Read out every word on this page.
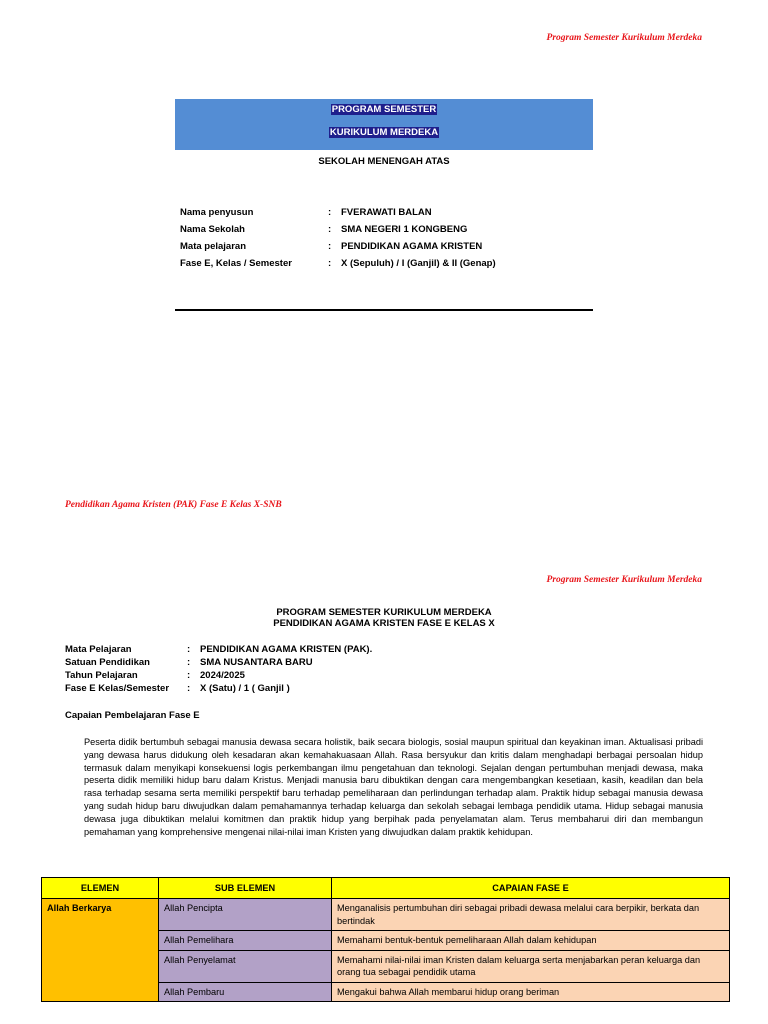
Program Semester Kurikulum Merdeka
PROGRAM SEMESTER
KURIKULUM MERDEKA
SEKOLAH MENENGAH ATAS
Nama penyusun	: FVERAWATI BALAN
Nama Sekolah	: SMA NEGERI 1 KONGBENG
Mata pelajaran	: PENDIDIKAN AGAMA KRISTEN
Fase E, Kelas / Semester	: X (Sepuluh) / I (Ganjil) & II (Genap)
Pendidikan Agama Kristen (PAK) Fase E Kelas X-SNB
Program Semester Kurikulum Merdeka
PROGRAM SEMESTER KURIKULUM MERDEKA
PENDIDIKAN AGAMA KRISTEN FASE E KELAS X
Mata Pelajaran	: PENDIDIKAN AGAMA KRISTEN (PAK).
Satuan Pendidikan	: SMA NUSANTARA BARU
Tahun Pelajaran	: 2024/2025
Fase E Kelas/Semester : X (Satu) / 1 ( Ganjil )
Capaian Pembelajaran Fase E

Peserta didik bertumbuh sebagai manusia dewasa secara holistik, baik secara biologis, sosial maupun spiritual dan keyakinan iman. Aktualisasi pribadi yang dewasa harus didukung oleh kesadaran akan kemahakuasaan Allah. Rasa bersyukur dan kritis dalam menghadapi berbagai persoalan hidup termasuk dalam menyikapi konsekuensi logis perkembangan ilmu pengetahuan dan teknologi. Sejalan dengan pertumbuhan menjadi dewasa, maka peserta didik memiliki hidup baru dalam Kristus. Menjadi manusia baru dibuktikan dengan cara mengembangkan kesetiaan, kasih, keadilan dan bela rasa terhadap sesama serta memiliki perspektif baru terhadap pemeliharaan dan perlindungan terhadap alam. Praktik hidup sebagai manusia dewasa yang sudah hidup baru diwujudkan dalam pemahamannya terhadap keluarga dan sekolah sebagai lembaga pendidik utama. Hidup sebagai manusia dewasa juga dibuktikan melalui komitmen dan praktik hidup yang berpihak pada penyelamatan alam. Terus membaharui diri dan membangun pemahaman yang komprehensive mengenai nilai-nilai iman Kristen yang diwujudkan dalam praktik kehidupan.

ELEMEN	SUB ELEMEN	CAPAIAN FASE E
Allah Berkarya	Allah Pencipta	Menganalisis pertumbuhan diri sebagai pribadi dewasa melalui cara berpikir, berkata dan bertindak
	Allah Pemelihara	Memahami bentuk-bentuk pemeliharaan Allah dalam kehidupan
	Allah Penyelamat	Memahami nilai-nilai iman Kristen dalam keluarga serta menjabarkan peran keluarga dan orang tua sebagai pendidik utama
	Allah Pembaru	Mengakui bahwa Allah membarui hidup orang beriman
